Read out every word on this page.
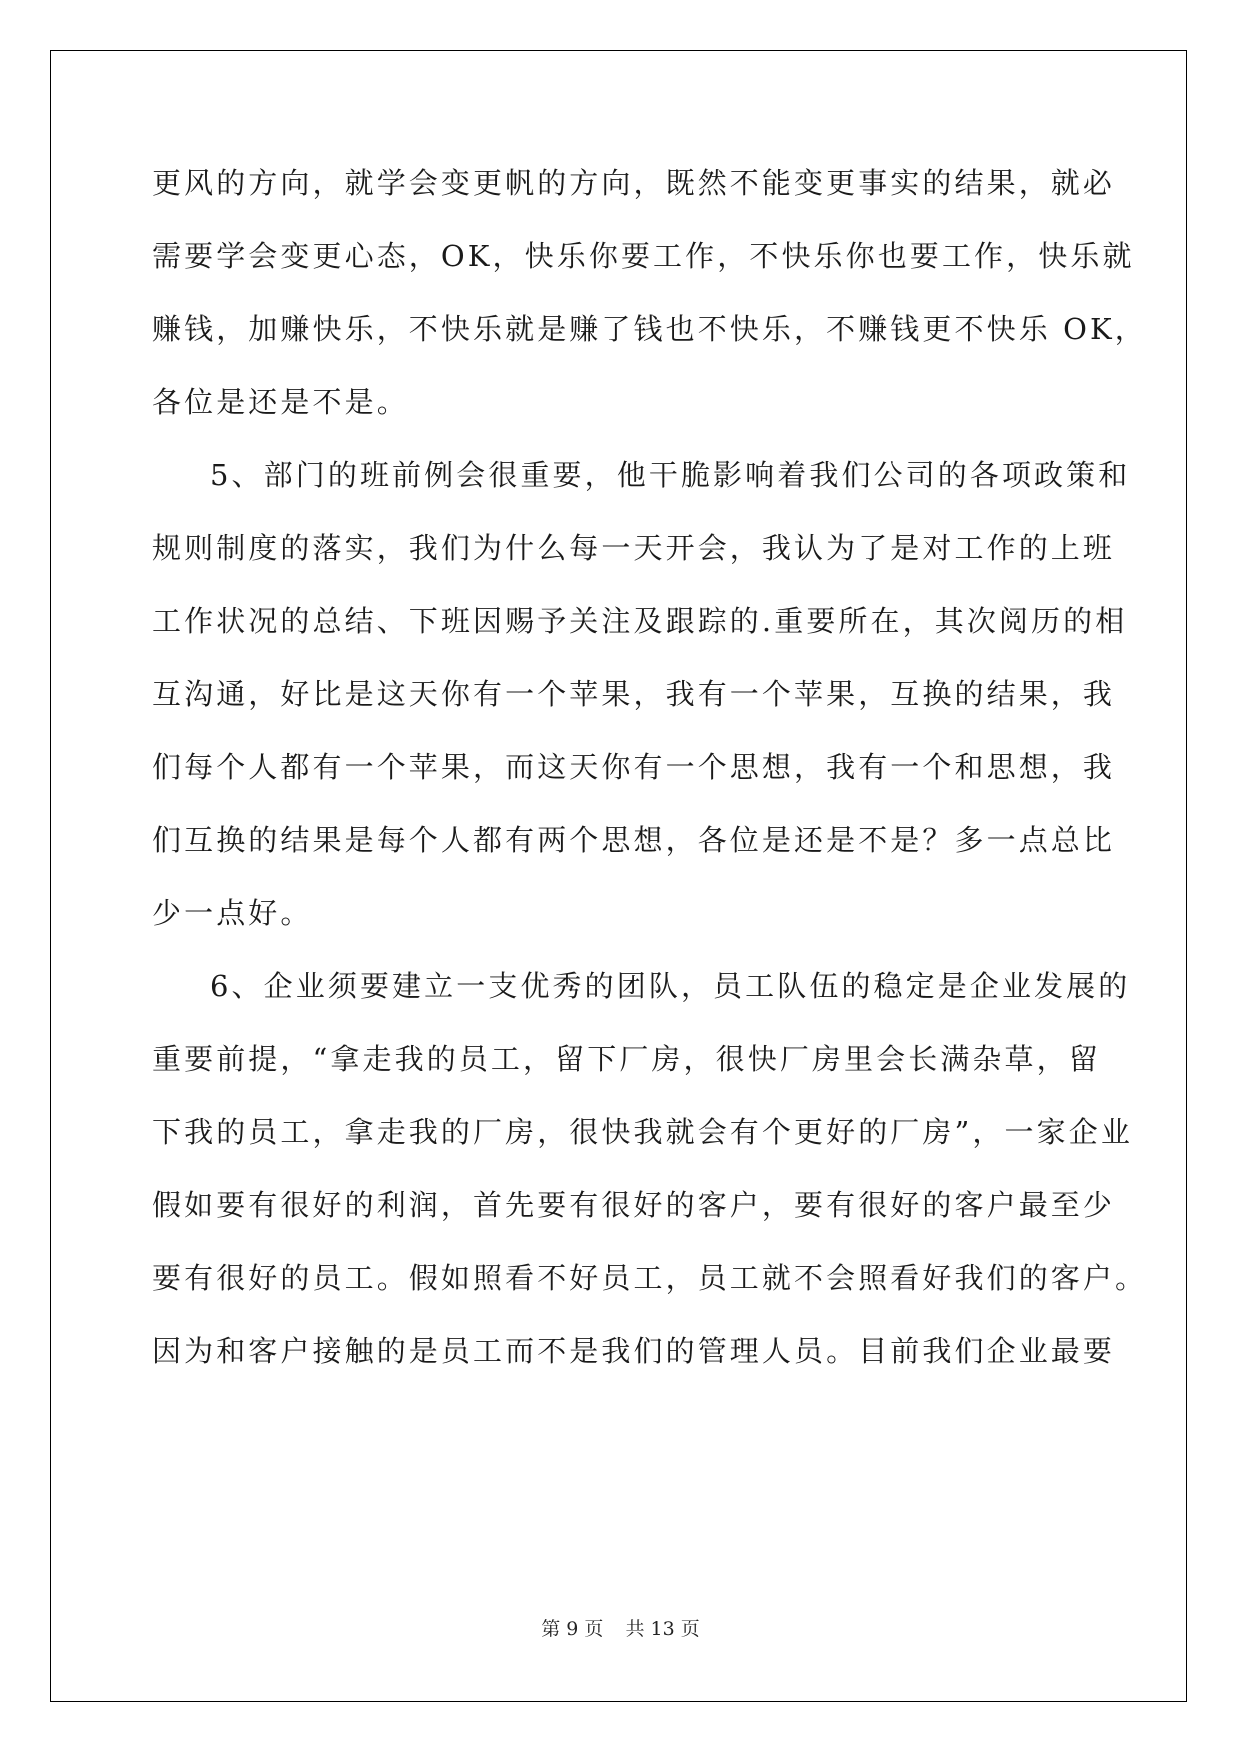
更风的方向，就学会变更帆的方向，既然不能变更事实的结果，就必
需要学会变更心态，OK，快乐你要工作，不快乐你也要工作，快乐就
赚钱，加赚快乐，不快乐就是赚了钱也不快乐，不赚钱更不快乐 OK，
各位是还是不是。
5、部门的班前例会很重要，他干脆影响着我们公司的各项政策和
规则制度的落实，我们为什么每一天开会，我认为了是对工作的上班
工作状况的总结、下班因赐予关注及跟踪的.重要所在，其次阅历的相
互沟通，好比是这天你有一个苹果，我有一个苹果，互换的结果，我
们每个人都有一个苹果，而这天你有一个思想，我有一个和思想，我
们互换的结果是每个人都有两个思想，各位是还是不是？多一点总比
少一点好。
6、企业须要建立一支优秀的团队，员工队伍的稳定是企业发展的
重要前提，“拿走我的员工，留下厂房，很快厂房里会长满杂草，留
下我的员工，拿走我的厂房，很快我就会有个更好的厂房”，一家企业
假如要有很好的利润，首先要有很好的客户，要有很好的客户最至少
要有很好的员工。假如照看不好员工，员工就不会照看好我们的客户。
因为和客户接触的是员工而不是我们的管理人员。目前我们企业最要
第 9 页 共 13 页
